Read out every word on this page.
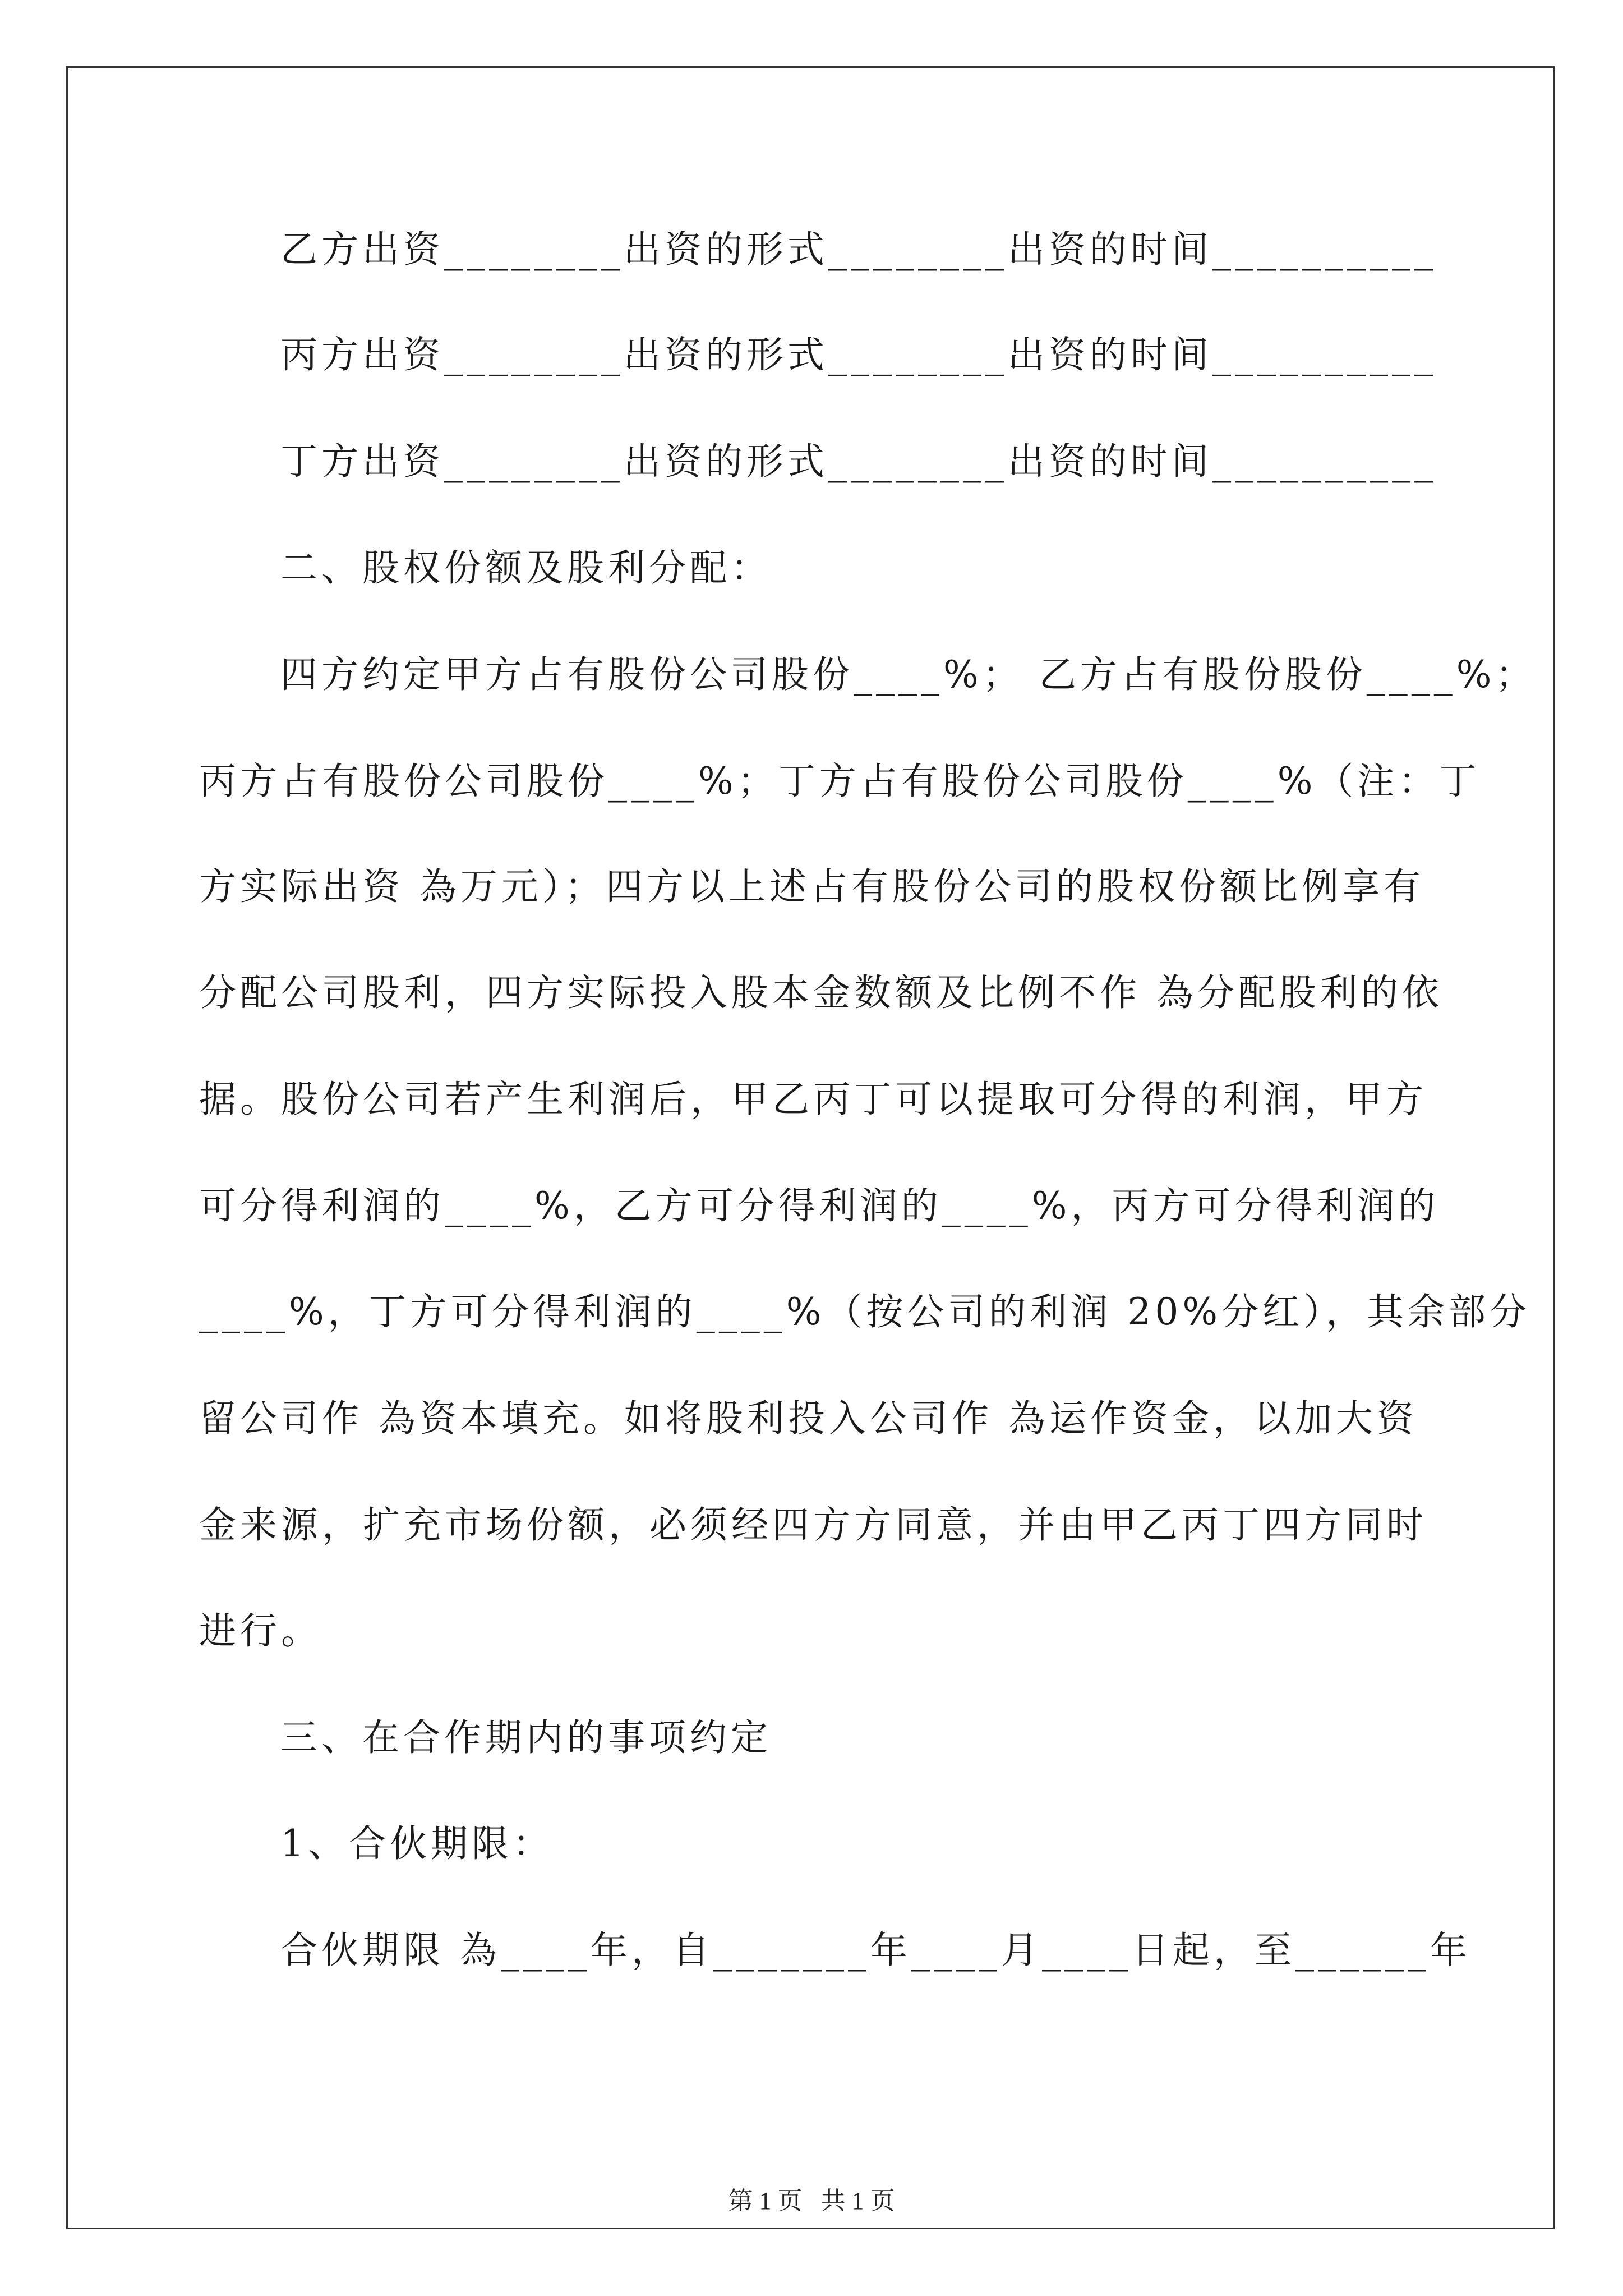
乙方出资________出资的形式________出资的时间__________
丙方出资________出资的形式________出资的时间__________
丁方出资________出资的形式________出资的时间__________
二、股权份额及股利分配：
四方约定甲方占有股份公司股份____%； 乙方占有股份股份____%；
丙方占有股份公司股份____%；丁方占有股份公司股份____%（注：丁
方实际出资 為万元）；四方以上述占有股份公司的股权份额比例享有
分配公司股利，四方实际投入股本金数额及比例不作 為分配股利的依
据。股份公司若产生利润后，甲乙丙丁可以提取可分得的利润，甲方
可分得利润的____%，乙方可分得利润的____%，丙方可分得利润的
____%，丁方可分得利润的____%（按公司的利润 20%分红），其余部分
留公司作 為资本填充。如将股利投入公司作 為运作资金，以加大资
金来源，扩充市场份额，必须经四方方同意，并由甲乙丙丁四方同时
进行。
三、在合作期内的事项约定
1、合伙期限：
合伙期限 為____年，自_______年____月____日起，至______年
第 1 页   共 1 页
